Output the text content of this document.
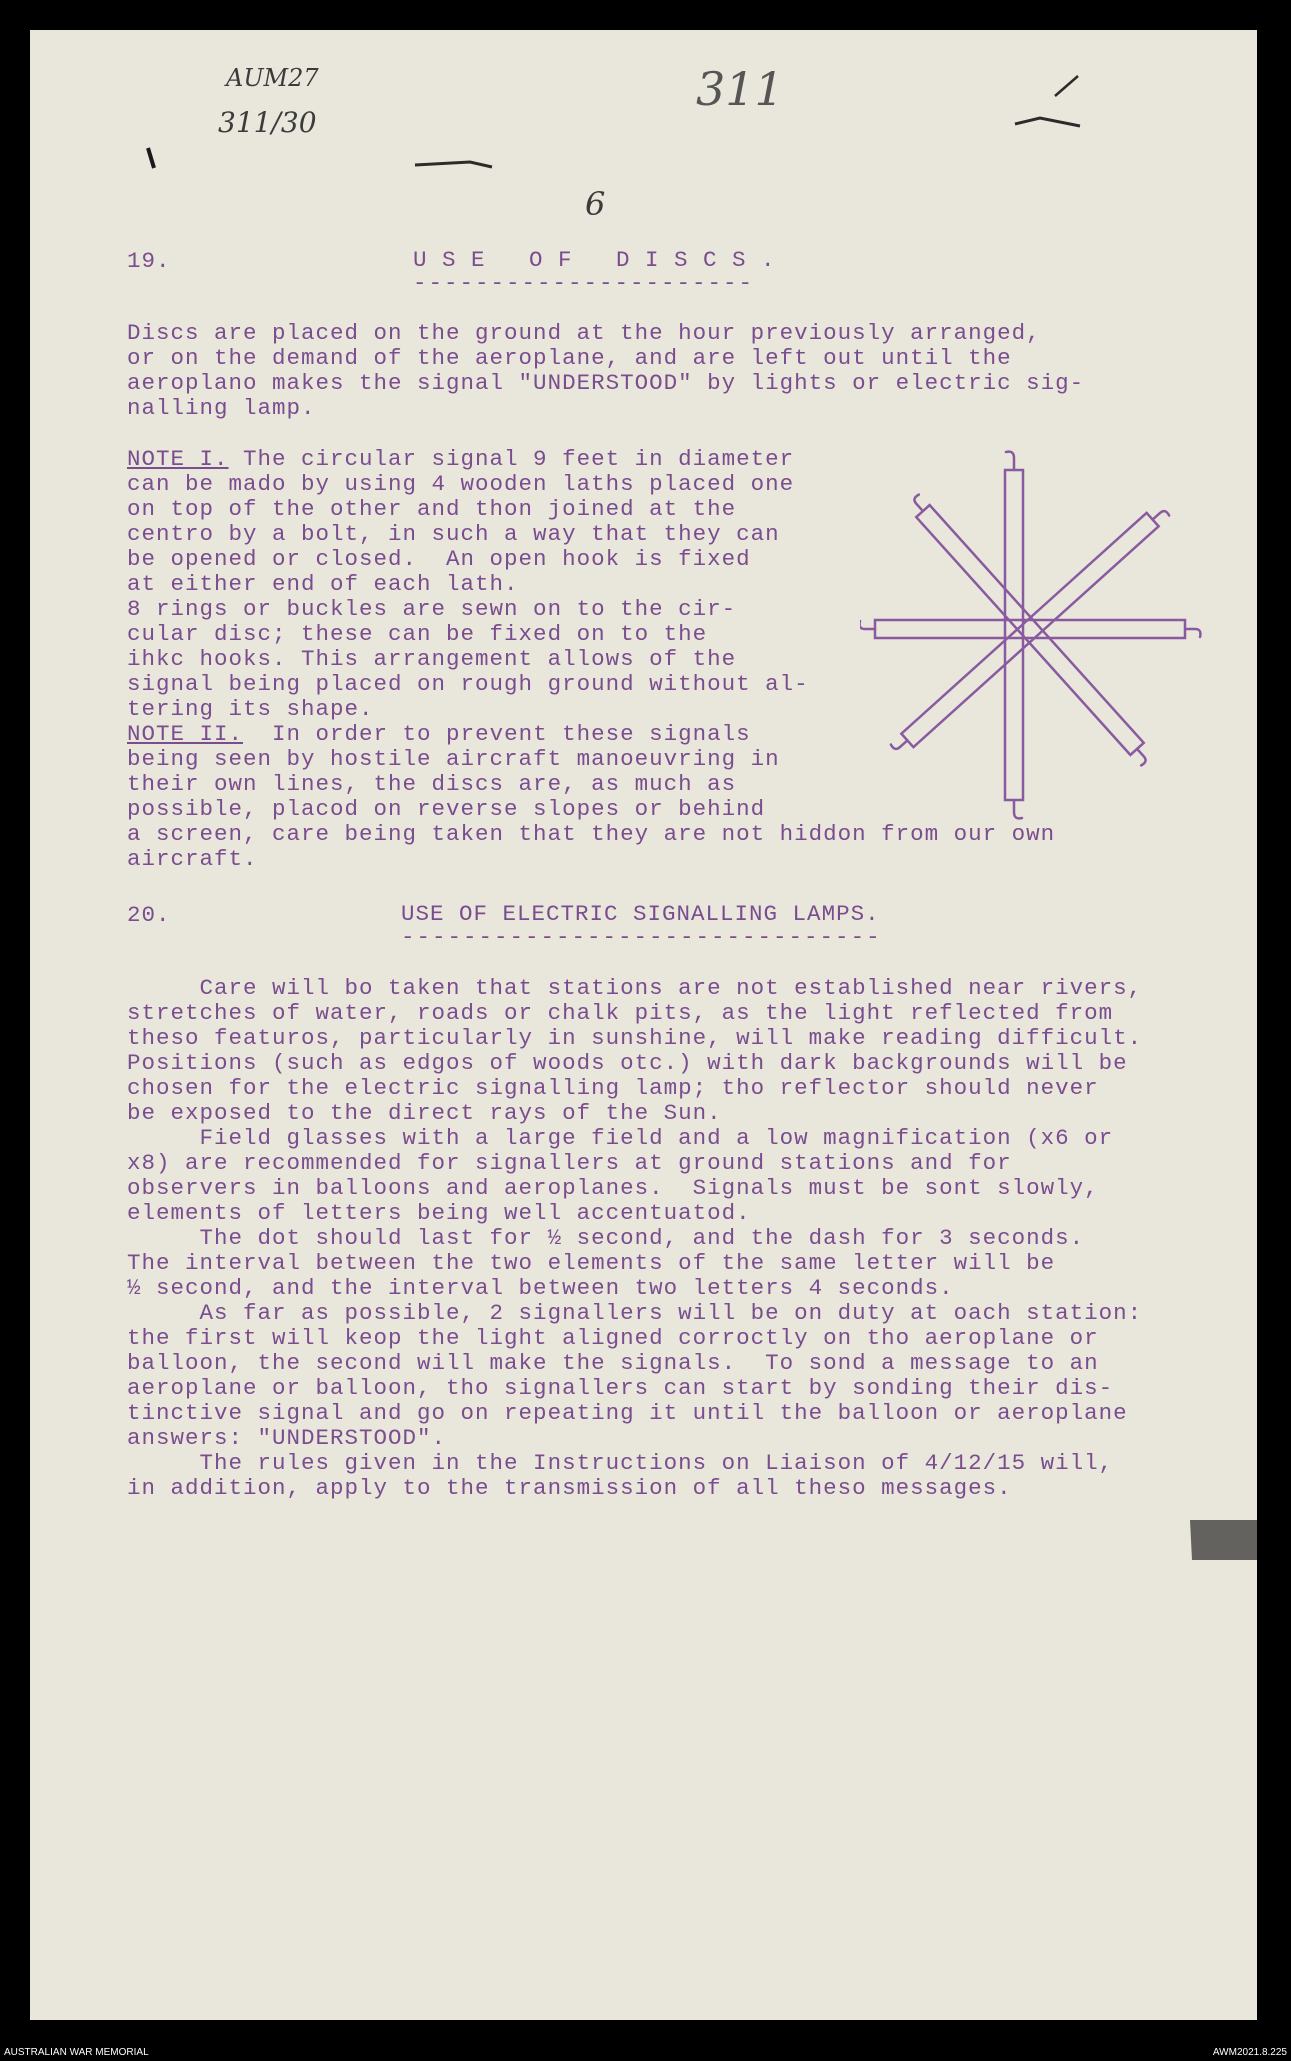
AUM27
311/30
311
6
19.	U S E   O F   D I S C S .
----------------------
Discs are placed on the ground at the hour previously arranged,
or on the demand of the aeroplane, and are left out until the
aeroplano makes the signal "UNDERSTOOD" by lights or electric sig-
nalling lamp.
NOTE I. The circular signal 9 feet in diameter
can be mado by using 4 wooden laths placed one
on top of the other and thon joined at the
centro by a bolt, in such a way that they can
be opened or closed.  An open hook is fixed
at either end of each lath.
8 rings or buckles are sewn on to the cir-
cular disc; these can be fixed on to the
ihkc hooks. This arrangement allows of the
signal being placed on rough ground without al-
tering its shape.
NOTE II.  In order to prevent these signals
being seen by hostile aircraft manoeuvring in
their own lines, the discs are, as much as
possible, placod on reverse slopes or behind
a screen, care being taken that they are not hiddon from our own
aircraft.
20.	USE OF ELECTRIC SIGNALLING LAMPS.
-------------------------------
Care will bo taken that stations are not established near rivers,
stretches of water, roads or chalk pits, as the light reflected from
theso featuros, particularly in sunshine, will make reading difficult.
Positions (such as edgos of woods otc.) with dark backgrounds will be
chosen for the electric signalling lamp; tho reflector should never
be exposed to the direct rays of the Sun.
Field glasses with a large field and a low magnification (x6 or
x8) are recommended for signallers at ground stations and for
observers in balloons and aeroplanes.  Signals must be sont slowly,
elements of letters being well accentuatod.
The dot should last for ½ second, and the dash for 3 seconds.
The interval between the two elements of the same letter will be
½ second, and the interval between two letters 4 seconds.
As far as possible, 2 signallers will be on duty at oach station:
the first will keop the light aligned corroctly on tho aeroplane or
balloon, the second will make the signals.  To sond a message to an
aeroplane or balloon, tho signallers can start by sonding their dis-
tinctive signal and go on repeating it until the balloon or aeroplane
answers: "UNDERSTOOD".
The rules given in the Instructions on Liaison of 4/12/15 will,
in addition, apply to the transmission of all theso messages.
AUSTRALIAN WAR MEMORIAL	AWM2021.8.225
